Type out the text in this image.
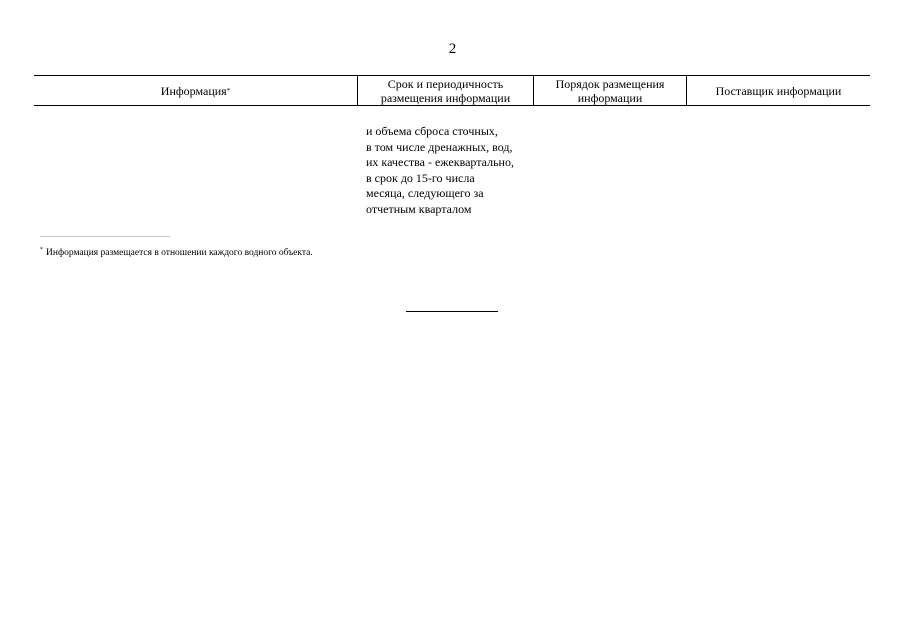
2
Информация *	Срок и периодичность размещения информации
Порядок размещения информации	Поставщик информации

и объема сброса сточных,
в том числе дренажных, вод,
их качества - ежеквартально,
в срок до 15-го числа
месяца, следующего за
отчетным кварталом

* Информация размещается в отношении каждого водного объекта.
